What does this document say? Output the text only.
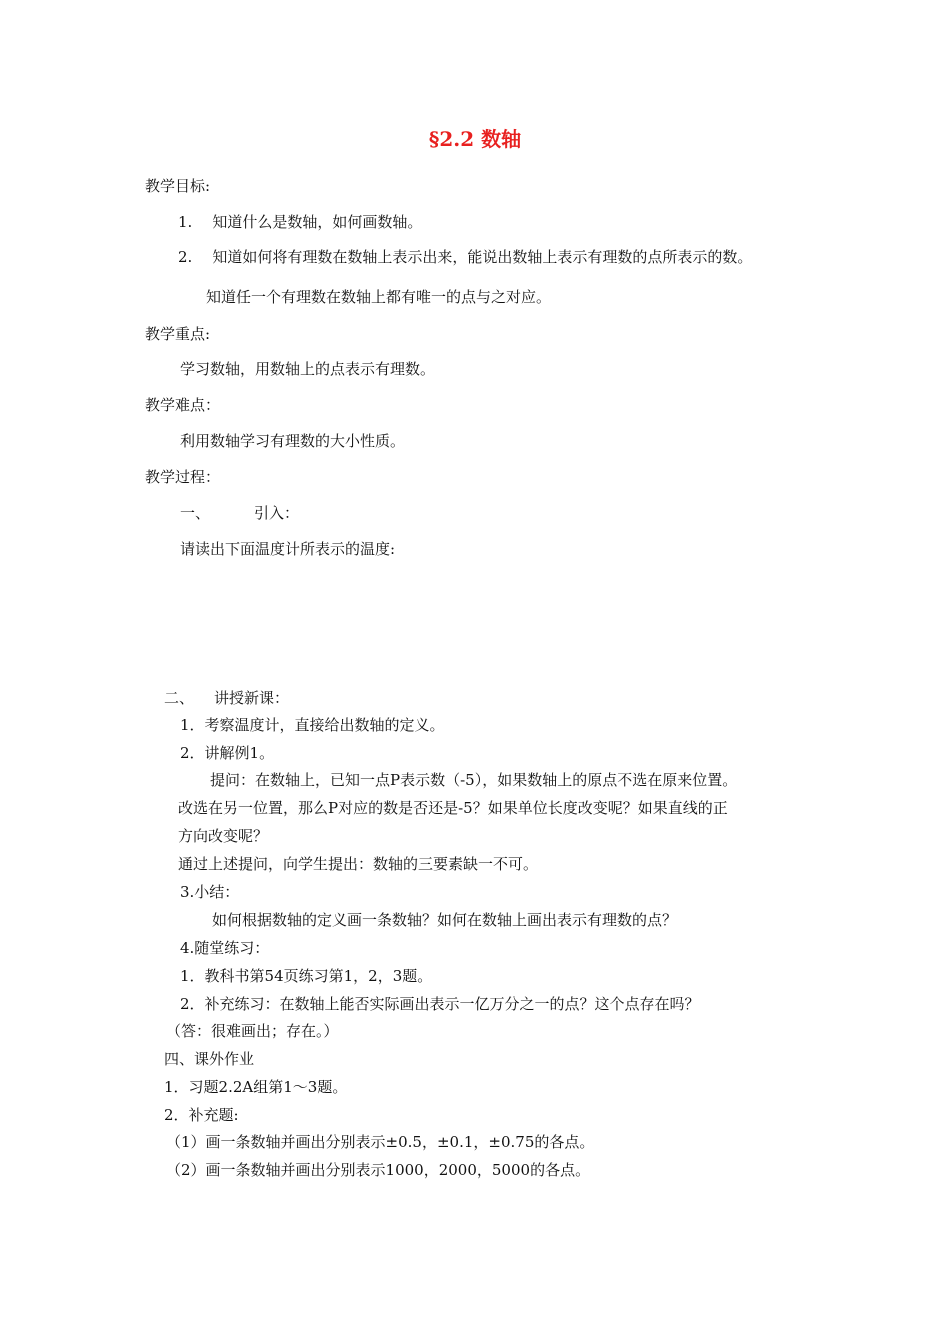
§2.2 数轴
教学目标:
1. 知道什么是数轴，如何画数轴。
2. 知道如何将有理数在数轴上表示出来，能说出数轴上表示有理数的点所表示的数。
知道任一个有理数在数轴上都有唯一的点与之对应。
教学重点:
学习数轴，用数轴上的点表示有理数。
教学难点：
利用数轴学习有理数的大小性质。
教学过程：
一、	引入：
请读出下面温度计所表示的温度:
二、 讲授新课：
1．考察温度计，直接给出数轴的定义。
2．讲解例1。
提问：在数轴上，已知一点P表示数（-5），如果数轴上的原点不选在原来位置。
改选在另一位置，那么P对应的数是否还是-5？如果单位长度改变呢？如果直线的正
方向改变呢？
通过上述提问，向学生提出：数轴的三要素缺一不可。
3.小结：
如何根据数轴的定义画一条数轴？如何在数轴上画出表示有理数的点？
4.随堂练习：
1．教科书第54页练习第1，2，3题。
2．补充练习：在数轴上能否实际画出表示一亿万分之一的点？这个点存在吗？
（答：很难画出；存在。）
四、课外作业
1．习题2.2A组第1～3题。
2．补充题:
（1）画一条数轴并画出分别表示±0.5，±0.1，±0.75的各点。
（2）画一条数轴并画出分别表示1000，2000，5000的各点。
